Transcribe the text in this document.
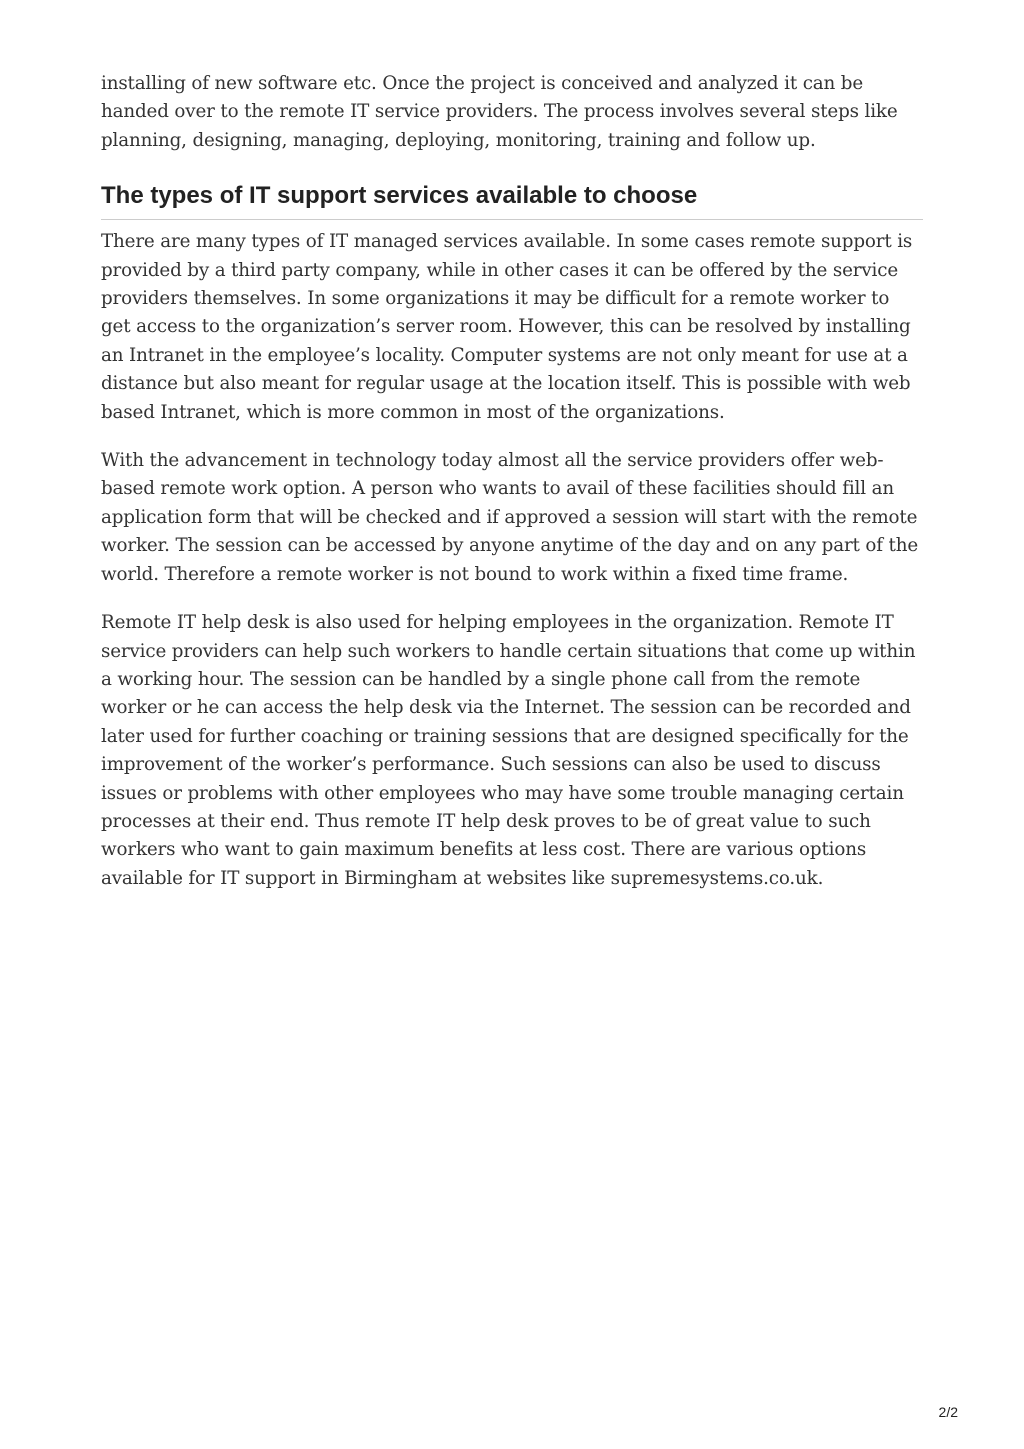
installing of new software etc. Once the project is conceived and analyzed it can be handed over to the remote IT service providers. The process involves several steps like planning, designing, managing, deploying, monitoring, training and follow up.

The types of IT support services available to choose

There are many types of IT managed services available. In some cases remote support is provided by a third party company, while in other cases it can be offered by the service providers themselves. In some organizations it may be difficult for a remote worker to get access to the organization’s server room. However, this can be resolved by installing an Intranet in the employee’s locality. Computer systems are not only meant for use at a distance but also meant for regular usage at the location itself. This is possible with web based Intranet, which is more common in most of the organizations.

With the advancement in technology today almost all the service providers offer web-based remote work option. A person who wants to avail of these facilities should fill an application form that will be checked and if approved a session will start with the remote worker. The session can be accessed by anyone anytime of the day and on any part of the world. Therefore a remote worker is not bound to work within a fixed time frame.

Remote IT help desk is also used for helping employees in the organization. Remote IT service providers can help such workers to handle certain situations that come up within a working hour. The session can be handled by a single phone call from the remote worker or he can access the help desk via the Internet. The session can be recorded and later used for further coaching or training sessions that are designed specifically for the improvement of the worker’s performance. Such sessions can also be used to discuss issues or problems with other employees who may have some trouble managing certain processes at their end. Thus remote IT help desk proves to be of great value to such workers who want to gain maximum benefits at less cost. There are various options available for IT support in Birmingham at websites like supremesystems.co.uk.

2/2
